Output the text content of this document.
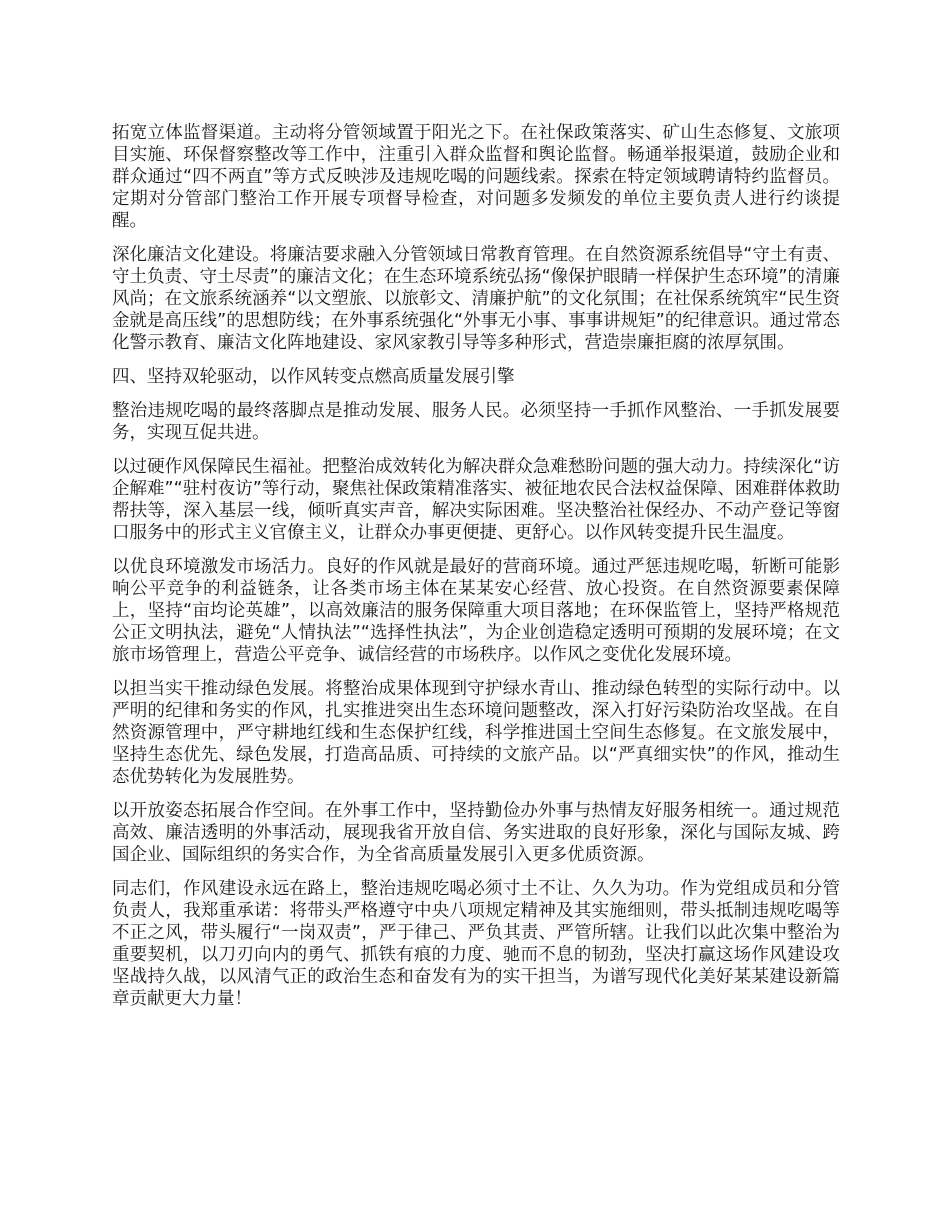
拓宽立体监督渠道。主动将分管领域置于阳光之下。在社保政策落实、矿山生态修复、文旅项目实施、环保督察整改等工作中，注重引入群众监督和舆论监督。畅通举报渠道，鼓励企业和群众通过“四不两直”等方式反映涉及违规吃喝的问题线索。探索在特定领域聘请特约监督员。定期对分管部门整治工作开展专项督导检查，对问题多发频发的单位主要负责人进行约谈提醒。

深化廉洁文化建设。将廉洁要求融入分管领域日常教育管理。在自然资源系统倡导“守土有责、守土负责、守土尽责”的廉洁文化；在生态环境系统弘扬“像保护眼睛一样保护生态环境”的清廉风尚；在文旅系统涵养“以文塑旅、以旅彰文、清廉护航”的文化氛围；在社保系统筑牢“民生资金就是高压线”的思想防线；在外事系统强化“外事无小事、事事讲规矩”的纪律意识。通过常态化警示教育、廉洁文化阵地建设、家风家教引导等多种形式，营造崇廉拒腐的浓厚氛围。

四、坚持双轮驱动，以作风转变点燃高质量发展引擎

整治违规吃喝的最终落脚点是推动发展、服务人民。必须坚持一手抓作风整治、一手抓发展要务，实现互促共进。

以过硬作风保障民生福祉。把整治成效转化为解决群众急难愁盼问题的强大动力。持续深化“访企解难”“驻村夜访”等行动，聚焦社保政策精准落实、被征地农民合法权益保障、困难群体救助帮扶等，深入基层一线，倾听真实声音，解决实际困难。坚决整治社保经办、不动产登记等窗口服务中的形式主义官僚主义，让群众办事更便捷、更舒心。以作风转变提升民生温度。

以优良环境激发市场活力。良好的作风就是最好的营商环境。通过严惩违规吃喝，斩断可能影响公平竞争的利益链条，让各类市场主体在某某安心经营、放心投资。在自然资源要素保障上，坚持“亩均论英雄”，以高效廉洁的服务保障重大项目落地；在环保监管上，坚持严格规范公正文明执法，避免“人情执法”“选择性执法”，为企业创造稳定透明可预期的发展环境；在文旅市场管理上，营造公平竞争、诚信经营的市场秩序。以作风之变优化发展环境。

以担当实干推动绿色发展。将整治成果体现到守护绿水青山、推动绿色转型的实际行动中。以严明的纪律和务实的作风，扎实推进突出生态环境问题整改，深入打好污染防治攻坚战。在自然资源管理中，严守耕地红线和生态保护红线，科学推进国土空间生态修复。在文旅发展中，坚持生态优先、绿色发展，打造高品质、可持续的文旅产品。以“严真细实快”的作风，推动生态优势转化为发展胜势。

以开放姿态拓展合作空间。在外事工作中，坚持勤俭办外事与热情友好服务相统一。通过规范高效、廉洁透明的外事活动，展现我省开放自信、务实进取的良好形象，深化与国际友城、跨国企业、国际组织的务实合作，为全省高质量发展引入更多优质资源。

同志们，作风建设永远在路上，整治违规吃喝必须寸土不让、久久为功。作为党组成员和分管负责人，我郑重承诺：将带头严格遵守中央八项规定精神及其实施细则，带头抵制违规吃喝等不正之风，带头履行“一岗双责”，严于律己、严负其责、严管所辖。让我们以此次集中整治为重要契机，以刀刃向内的勇气、抓铁有痕的力度、驰而不息的韧劲，坚决打赢这场作风建设攻坚战持久战，以风清气正的政治生态和奋发有为的实干担当，为谱写现代化美好某某建设新篇章贡献更大力量！
